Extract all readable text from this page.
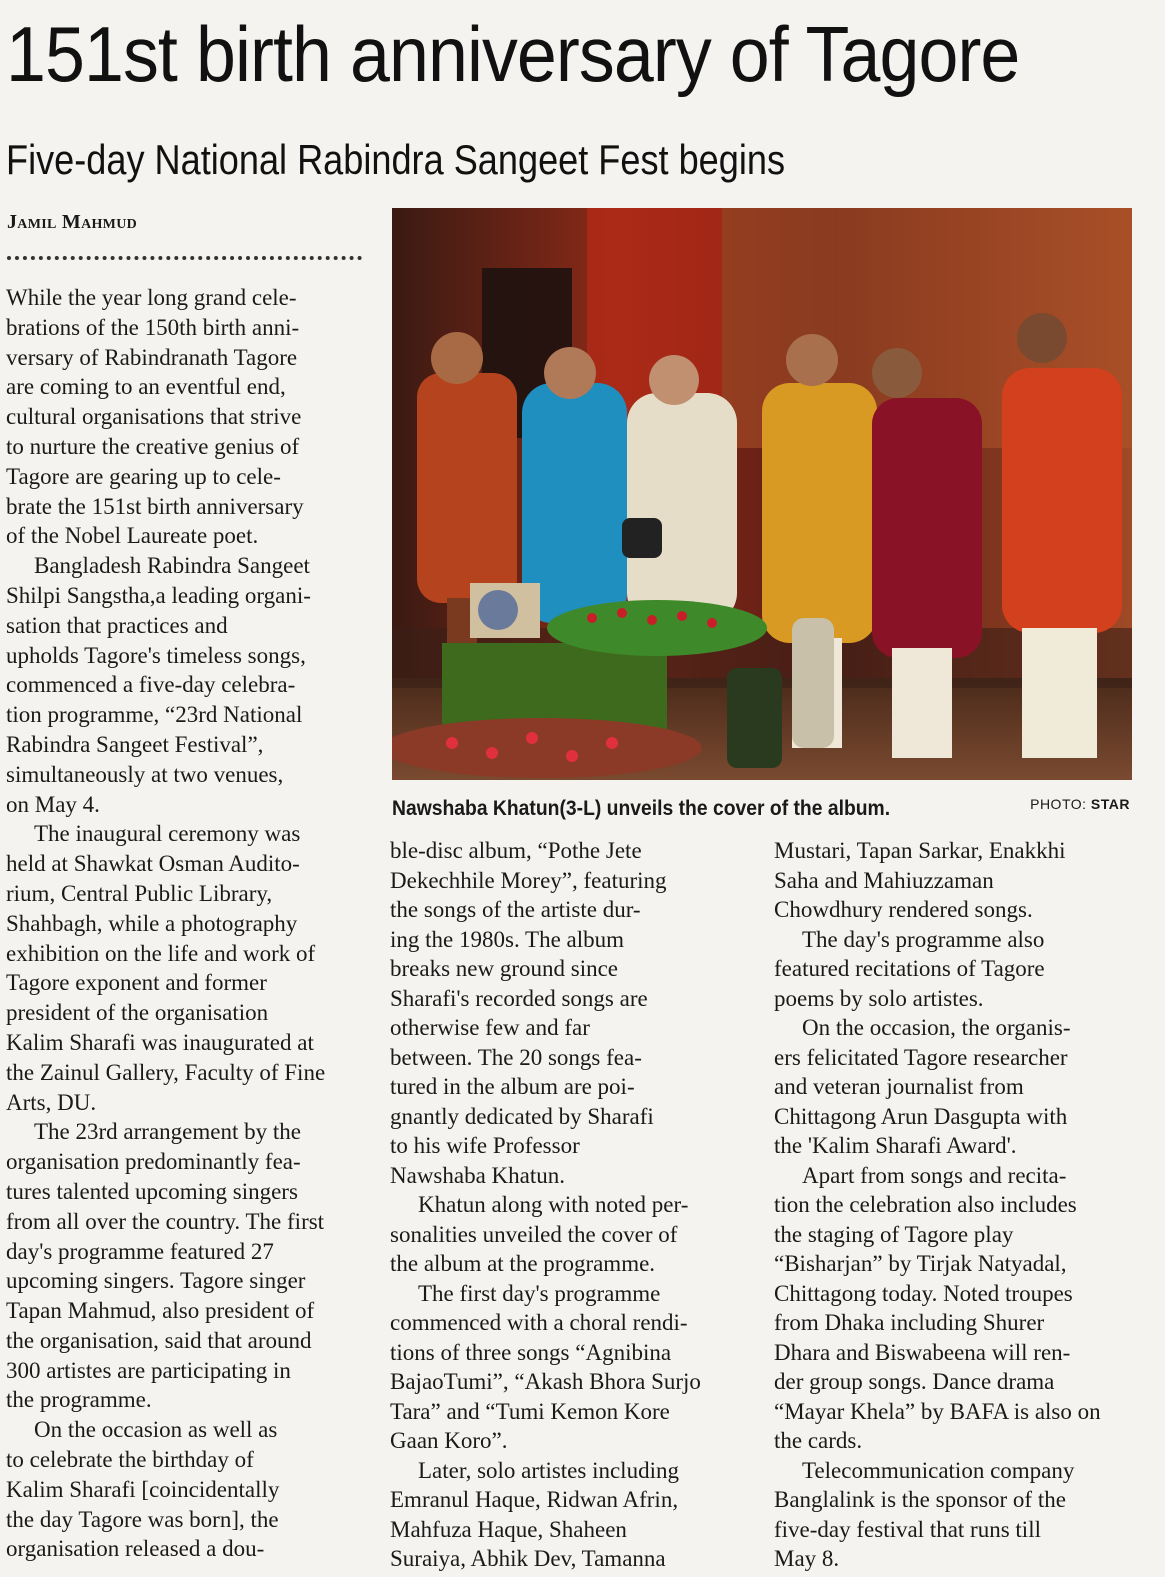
151st birth anniversary of Tagore
Five-day National Rabindra Sangeet Fest begins
Jamil Mahmud
While the year long grand cele-
brations of the 150th birth anni-
versary of Rabindranath Tagore
are coming to an eventful end,
cultural organisations that strive
to nurture the creative genius of
Tagore are gearing up to cele-
brate the 151st birth anniversary
of the Nobel Laureate poet.
Bangladesh Rabindra Sangeet
Shilpi Sangstha,a leading organi-
sation that practices and
upholds Tagore's timeless songs,
commenced a five-day celebra-
tion programme, “23rd National
Rabindra Sangeet Festival”,
simultaneously at two venues,
on May 4.
The inaugural ceremony was
held at Shawkat Osman Audito-
rium, Central Public Library,
Shahbagh, while a photography
exhibition on the life and work of
Tagore exponent and former
president of the organisation
Kalim Sharafi was inaugurated at
the Zainul Gallery, Faculty of Fine
Arts, DU.
The 23rd arrangement by the
organisation predominantly fea-
tures talented upcoming singers
from all over the country. The first
day's programme featured 27
upcoming singers. Tagore singer
Tapan Mahmud, also president of
the organisation, said that around
300 artistes are participating in
the programme.
On the occasion as well as
to celebrate the birthday of
Kalim Sharafi [coincidentally
the day Tagore was born], the
organisation released a dou-
Nawshaba Khatun(3-L) unveils the cover of the album.	PHOTO: STAR
ble-disc album, “Pothe Jete
Dekechhile Morey”, featuring
the songs of the artiste dur-
ing the 1980s. The album
breaks new ground since
Sharafi's recorded songs are
otherwise few and far
between. The 20 songs fea-
tured in the album are poi-
gnantly dedicated by Sharafi
to his wife Professor
Nawshaba Khatun.
Khatun along with noted per-
sonalities unveiled the cover of
the album at the programme.
The first day's programme
commenced with a choral rendi-
tions of three songs “Agnibina
BajaoTumi”, “Akash Bhora Surjo
Tara” and “Tumi Kemon Kore
Gaan Koro”.
Later, solo artistes including
Emranul Haque, Ridwan Afrin,
Mahfuza Haque, Shaheen
Suraiya, Abhik Dev, Tamanna
Mustari, Tapan Sarkar, Enakkhi
Saha and Mahiuzzaman
Chowdhury rendered songs.
The day's programme also
featured recitations of Tagore
poems by solo artistes.
On the occasion, the organis-
ers felicitated Tagore researcher
and veteran journalist from
Chittagong Arun Dasgupta with
the 'Kalim Sharafi Award'.
Apart from songs and recita-
tion the celebration also includes
the staging of Tagore play
“Bisharjan” by Tirjak Natyadal,
Chittagong today. Noted troupes
from Dhaka including Shurer
Dhara and Biswabeena will ren-
der group songs. Dance drama
“Mayar Khela” by BAFA is also on
the cards.
Telecommunication company
Banglalink is the sponsor of the
five-day festival that runs till
May 8.
